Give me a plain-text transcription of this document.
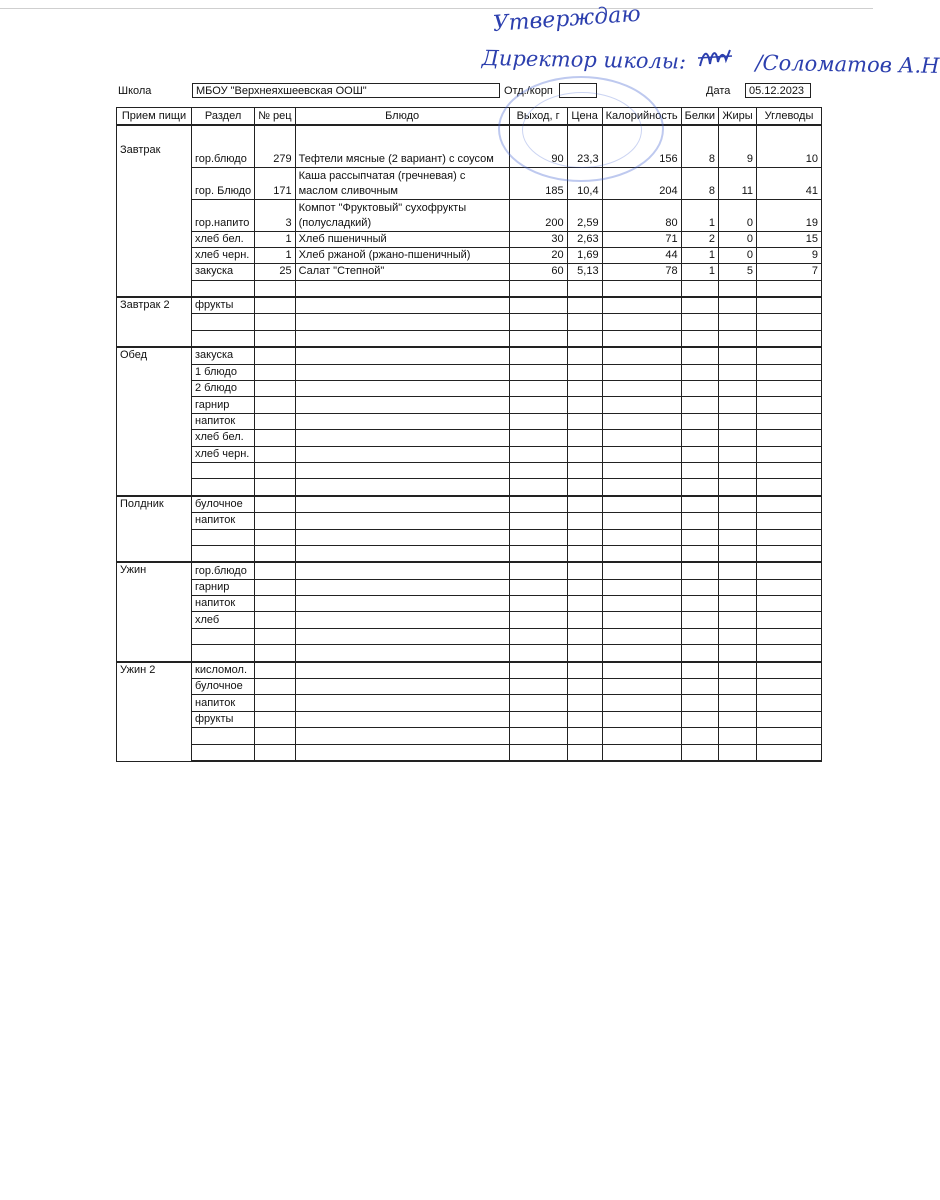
Утверждаю
Директор школы:	/Соломатов А.Н
Школа	МБОУ "Верхнеяхшеевская ООШ"	Отд./корп	Дата	05.12.2023
Прием пищи	Раздел	№ рец	Блюдо	Выход, г	Цена	Калорийность	Белки	Жиры	Углеводы
Завтрак	гор.блюдо	279	Тефтели мясные (2 вариант) с соусом	90	23,3	156	8	9	10
	гор. Блюдо	171	Каша рассыпчатая (гречневая) с маслом сливочным	185	10,4	204	8	11	41
	гор.напито	3	Компот "Фруктовый" сухофрукты (полусладкий)	200	2,59	80	1	0	19
	хлеб бел.	1	Хлеб пшеничный	30	2,63	71	2	0	15
	хлеб черн.	1	Хлеб ржаной (ржано-пшеничный)	20	1,69	44	1	0	9
	закуска	25	Салат "Степной"	60	5,13	78	1	5	7

Завтрак 2	фрукты								

Обед	закуска								
	1 блюдо								
	2 блюдо								
	гарнир								
	напиток								
	хлеб бел.								
	хлеб черн.								

Полдник	булочное								
	напиток								

Ужин	гор.блюдо								
	гарнир								
	напиток								
	хлеб								

Ужин 2	кисломол.								
	булочное								
	напиток								
	фрукты								
